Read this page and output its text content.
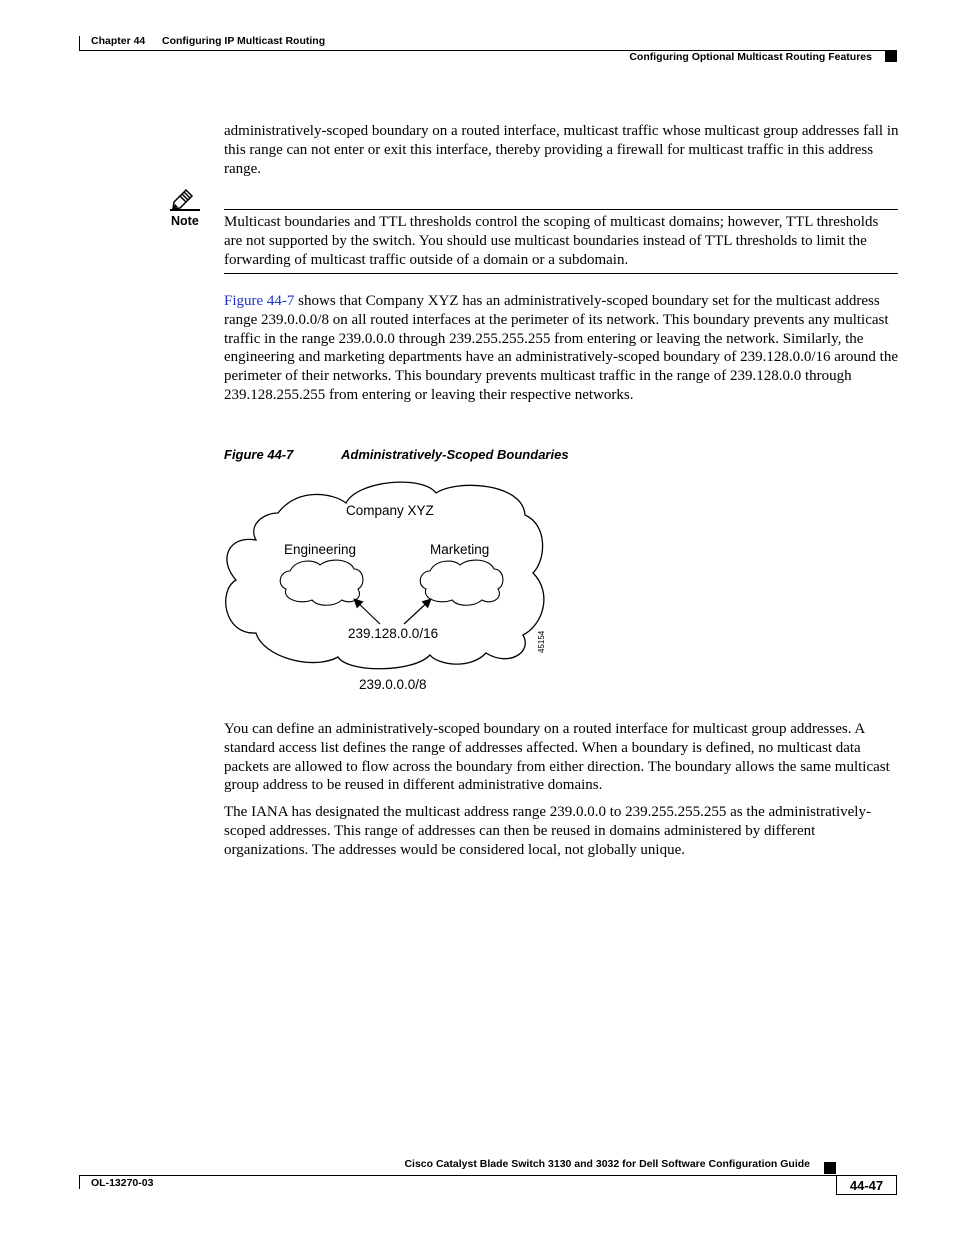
Chapter 44 Configuring IP Multicast Routing
Configuring Optional Multicast Routing Features

administratively-scoped boundary on a routed interface, multicast traffic whose multicast group addresses fall in this range can not enter or exit this interface, thereby providing a firewall for multicast traffic in this address range.

Note Multicast boundaries and TTL thresholds control the scoping of multicast domains; however, TTL thresholds are not supported by the switch. You should use multicast boundaries instead of TTL thresholds to limit the forwarding of multicast traffic outside of a domain or a subdomain.

Figure 44-7 shows that Company XYZ has an administratively-scoped boundary set for the multicast address range 239.0.0.0/8 on all routed interfaces at the perimeter of its network. This boundary prevents any multicast traffic in the range 239.0.0.0 through 239.255.255.255 from entering or leaving the network. Similarly, the engineering and marketing departments have an administratively-scoped boundary of 239.128.0.0/16 around the perimeter of their networks. This boundary prevents multicast traffic in the range of 239.128.0.0 through 239.128.255.255 from entering or leaving their respective networks.

Figure 44-7	Administratively-Scoped Boundaries
Company XYZ
Engineering	Marketing
239.128.0.0/16
239.0.0.0/8
45154

You can define an administratively-scoped boundary on a routed interface for multicast group addresses. A standard access list defines the range of addresses affected. When a boundary is defined, no multicast data packets are allowed to flow across the boundary from either direction. The boundary allows the same multicast group address to be reused in different administrative domains.

The IANA has designated the multicast address range 239.0.0.0 to 239.255.255.255 as the administratively-scoped addresses. This range of addresses can then be reused in domains administered by different organizations. The addresses would be considered local, not globally unique.

Cisco Catalyst Blade Switch 3130 and 3032 for Dell Software Configuration Guide
OL-13270-03	44-47
